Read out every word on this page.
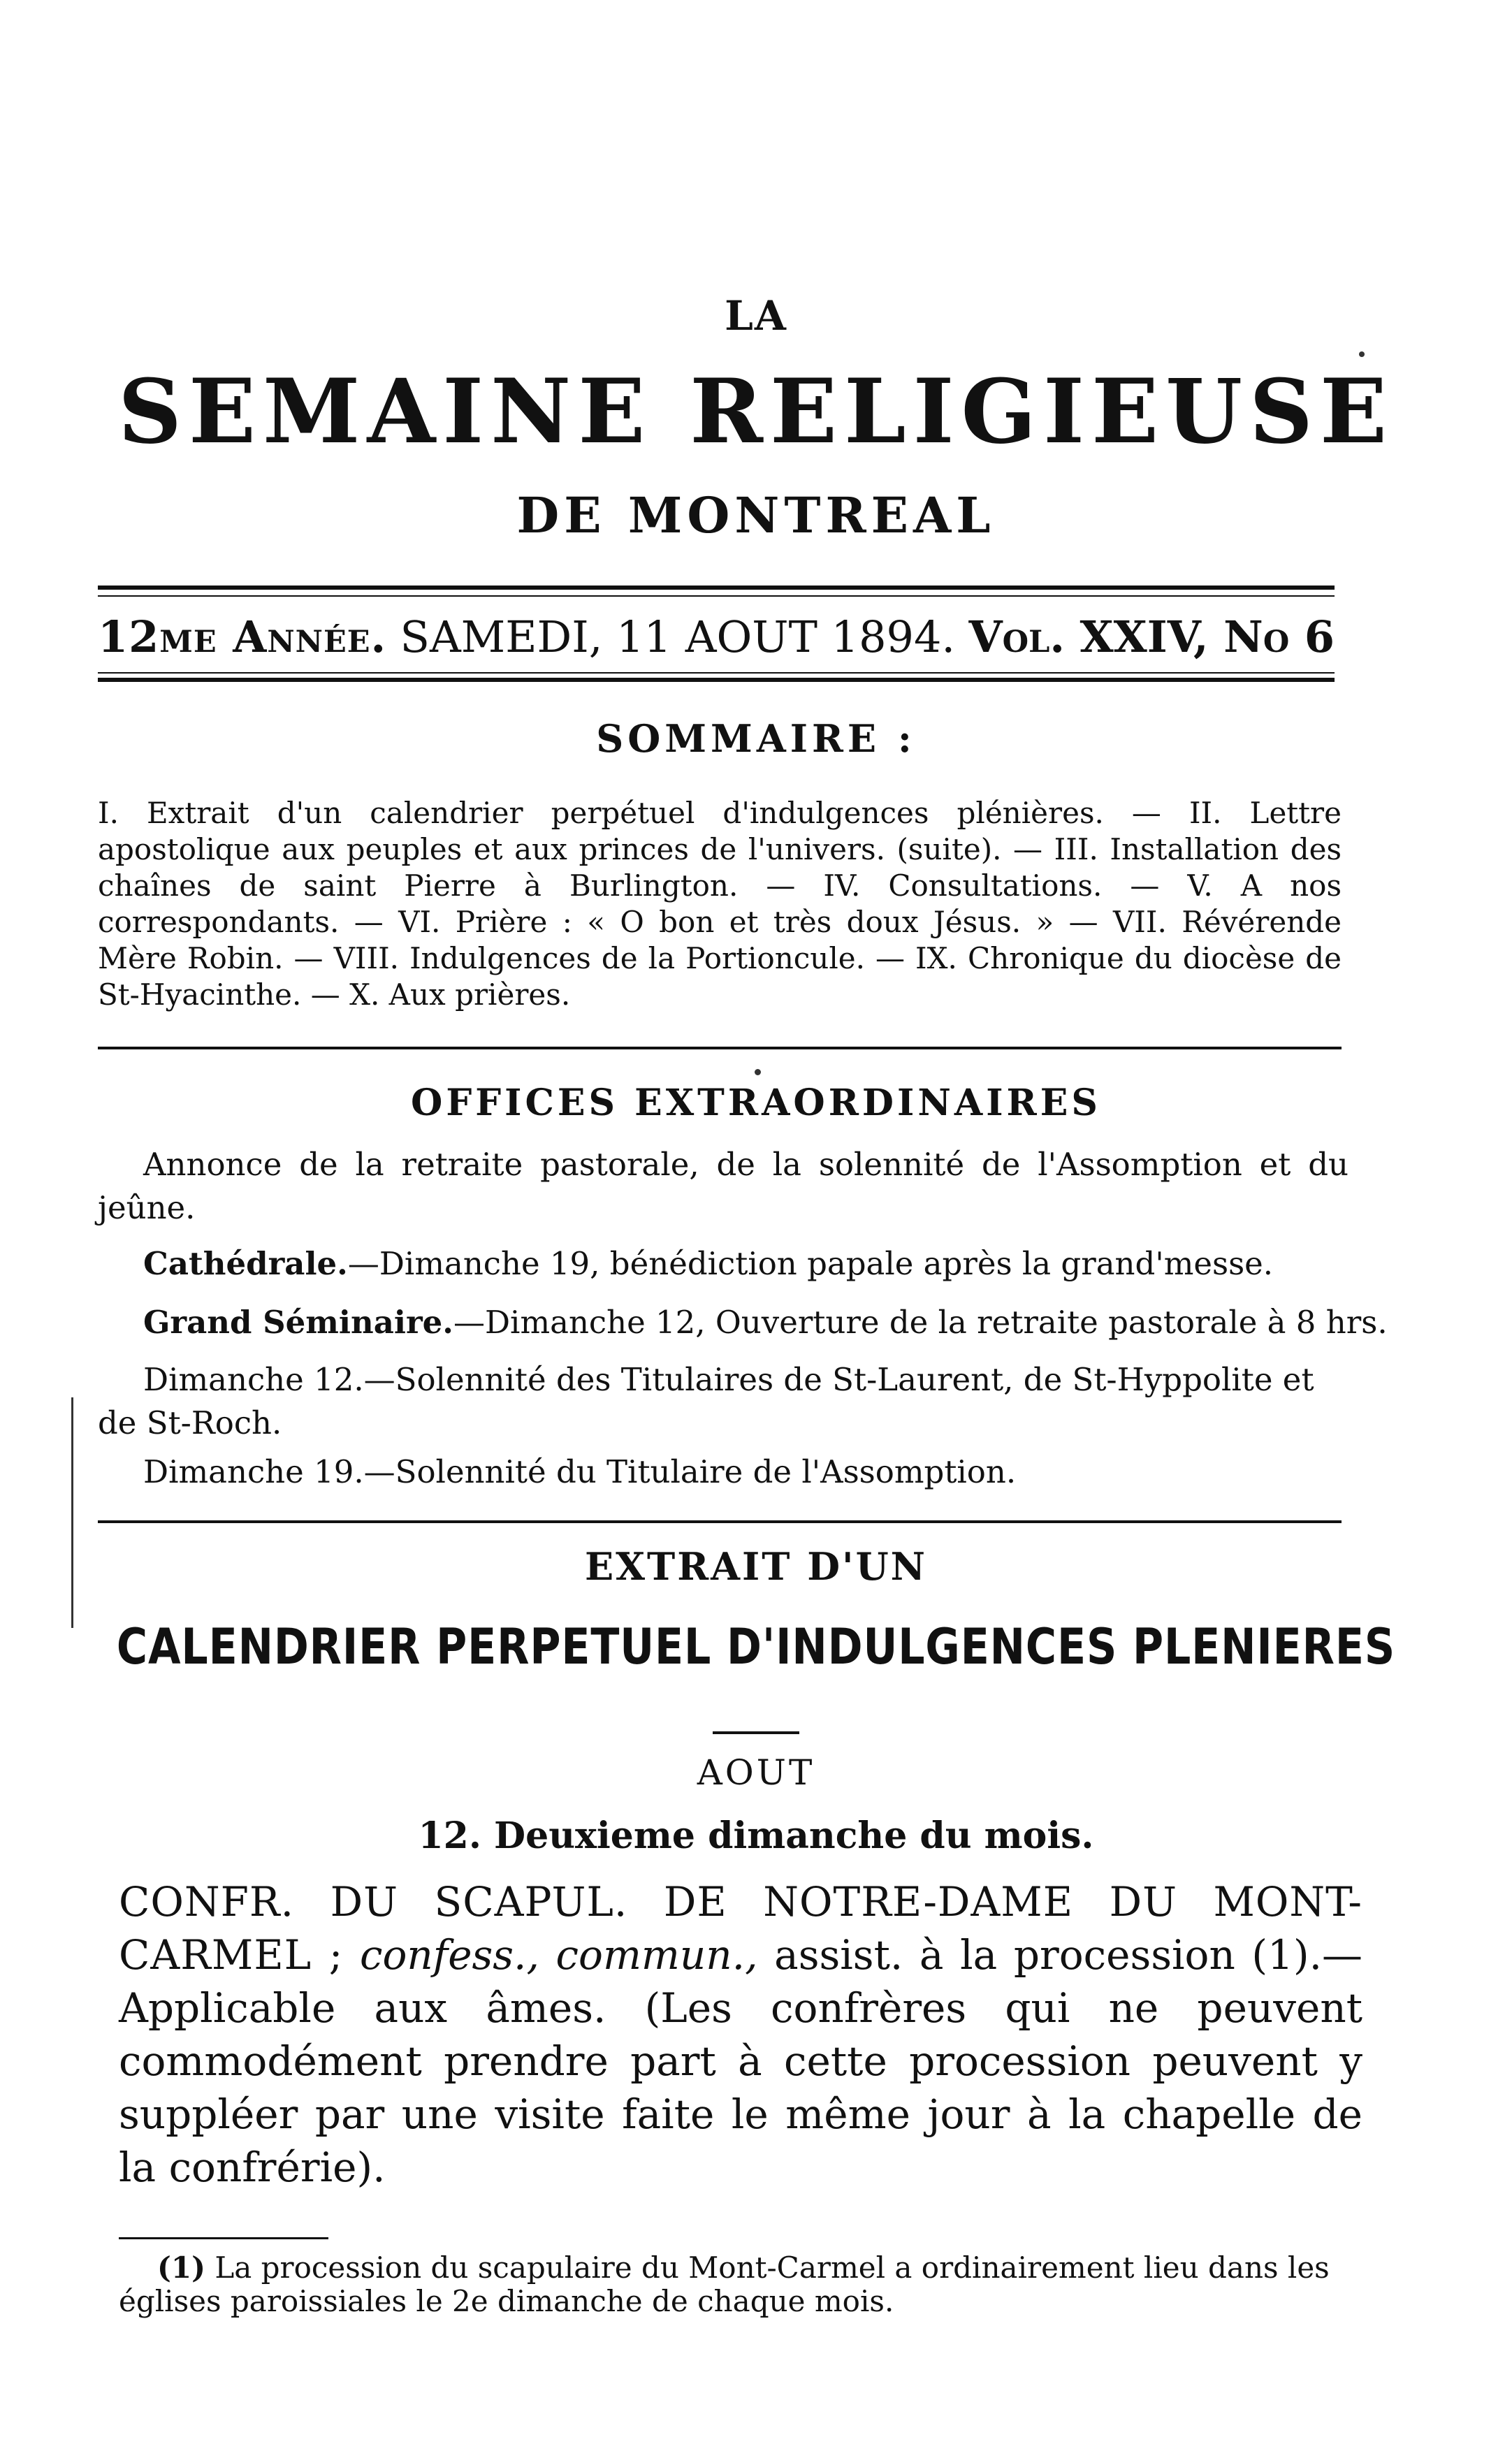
LA
SEMAINE RELIGIEUSE
DE MONTREAL
12me Année. SAMEDI, 11 AOUT 1894. Vol. XXIV, No 6
SOMMAIRE :
I. Extrait d'un calendrier perpétuel d'indulgences plénières. — II. Lettre apostolique aux peuples et aux princes de l'univers. (suite). — III. Installation des chaînes de saint Pierre à Burlington. — IV. Consultations. — V. A nos correspondants. — VI. Prière : « O bon et très doux Jésus. » — VII. Révérende Mère Robin. — VIII. Indulgences de la Portioncule. — IX. Chronique du diocèse de St-Hyacinthe. — X. Aux prières.
OFFICES EXTRAORDINAIRES
Annonce de la retraite pastorale, de la solennité de l'Assomption et du jeûne.
Cathédrale.—Dimanche 19, bénédiction papale après la grand'messe.
Grand Séminaire.—Dimanche 12, Ouverture de la retraite pastorale à 8 hrs.
Dimanche 12.—Solennité des Titulaires de St-Laurent, de St-Hyppolite et de St-Roch.
Dimanche 19.—Solennité du Titulaire de l'Assomption.
EXTRAIT D'UN
CALENDRIER PERPETUEL D'INDULGENCES PLENIERES
AOUT
12. Deuxieme dimanche du mois.
CONFR. DU SCAPUL. DE NOTRE-DAME DU MONT-CARMEL ; confess., commun., assist. à la procession (1).— Applicable aux âmes. (Les confrères qui ne peuvent commodément prendre part à cette procession peuvent y suppléer par une visite faite le même jour à la chapelle de la confrérie).
(1) La procession du scapulaire du Mont-Carmel a ordinairement lieu dans les églises paroissiales le 2e dimanche de chaque mois.
